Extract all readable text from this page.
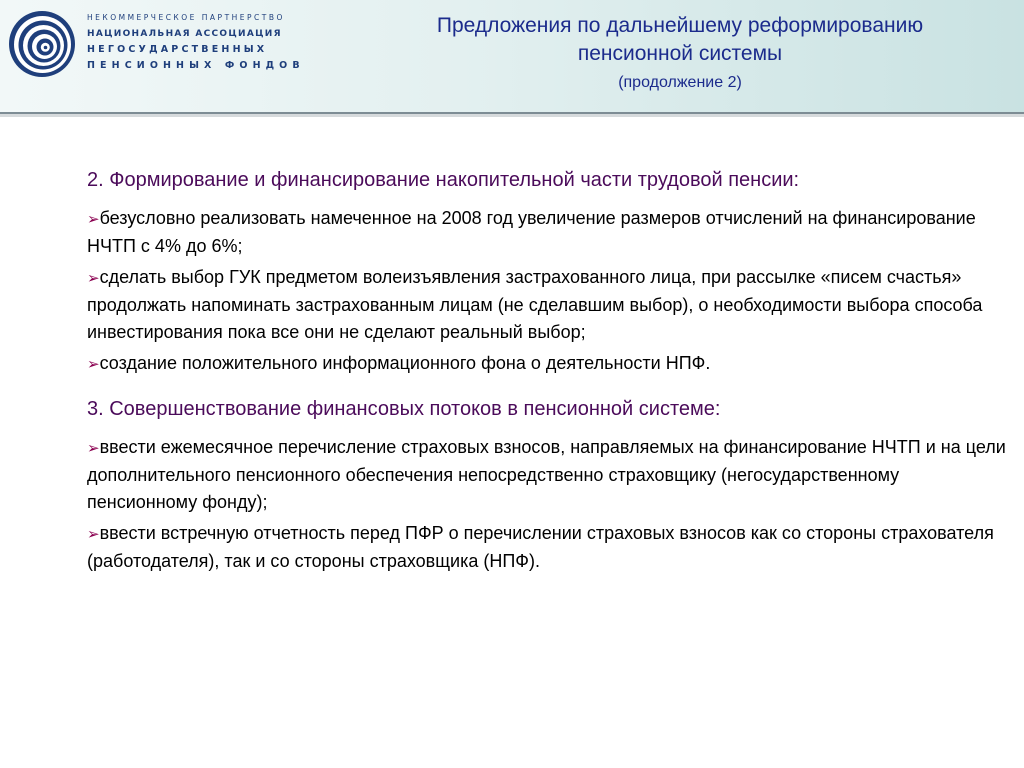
НЕКОММЕРЧЕСКОЕ ПАРТНЕРСТВО
НАЦИОНАЛЬНАЯ АССОЦИАЦИЯ
НЕГОСУДАРСТВЕННЫХ
ПЕНСИОННЫХ ФОНДОВ
Предложения по дальнейшему реформированию
пенсионной системы
(продолжение 2)
2. Формирование и финансирование накопительной части трудовой пенсии:

➢безусловно реализовать намеченное на 2008 год увеличение размеров отчислений на финансирование НЧТП с 4% до 6%;

➢сделать выбор ГУК предметом волеизъявления застрахованного лица, при рассылке «писем счастья» продолжать напоминать застрахованным лицам (не сделавшим выбор), о необходимости выбора способа инвестирования пока все они не сделают реальный выбор;

➢создание положительного информационного фона о деятельности НПФ.

3. Совершенствование финансовых потоков в пенсионной системе:

➢ввести ежемесячное перечисление страховых взносов, направляемых на финансирование НЧТП и на цели дополнительного пенсионного обеспечения непосредственно страховщику (негосударственному пенсионному фонду);

➢ввести встречную отчетность перед ПФР о перечислении страховых взносов как со стороны страхователя (работодателя), так и со стороны страховщика (НПФ).
